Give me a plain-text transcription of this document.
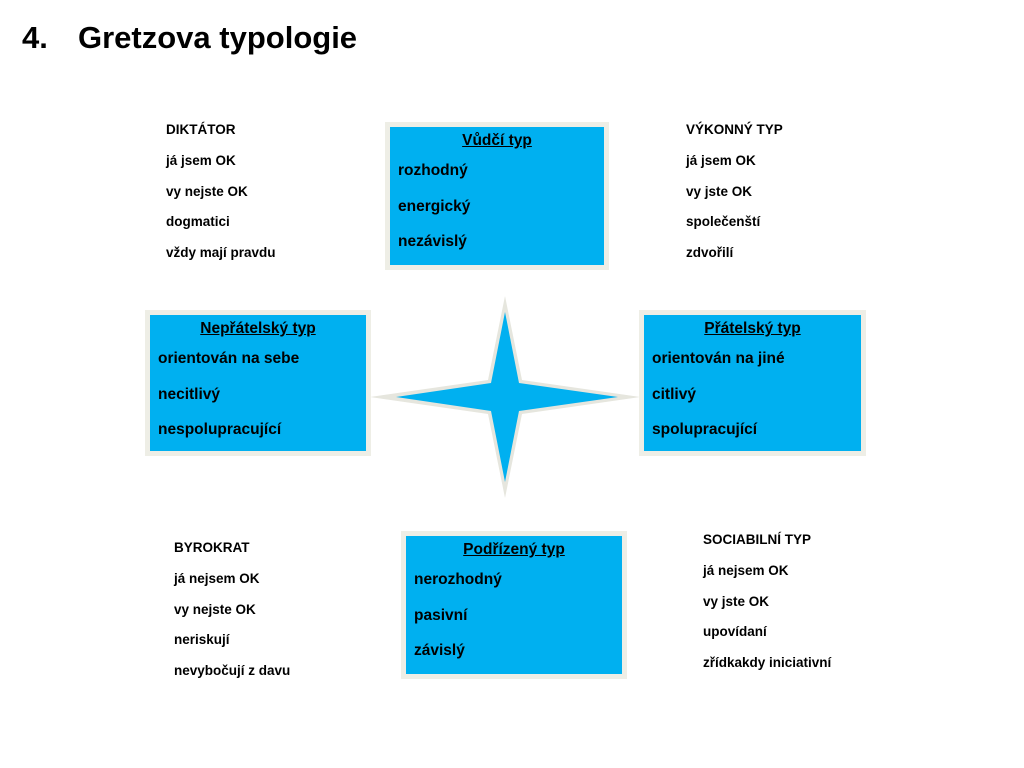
4. Gretzova typologie
DIKTÁTOR
já jsem OK
vy nejste OK
dogmatici
vždy mají pravdu
VÝKONNÝ TYP
já jsem OK
vy jste OK
společenští
zdvořilí
BYROKRAT
já nejsem OK
vy nejste OK
neriskují
nevybočují z davu
SOCIABILNÍ TYP
já nejsem OK
vy jste OK
upovídaní
zřídkakdy iniciativní
Vůdčí typ
rozhodný
energický
nezávislý
Nepřátelský typ
orientován na sebe
necitlivý
nespolupracující
Přátelský typ
orientován na jiné
citlivý
spolupracující
Podřízený typ
nerozhodný
pasivní
závislý
